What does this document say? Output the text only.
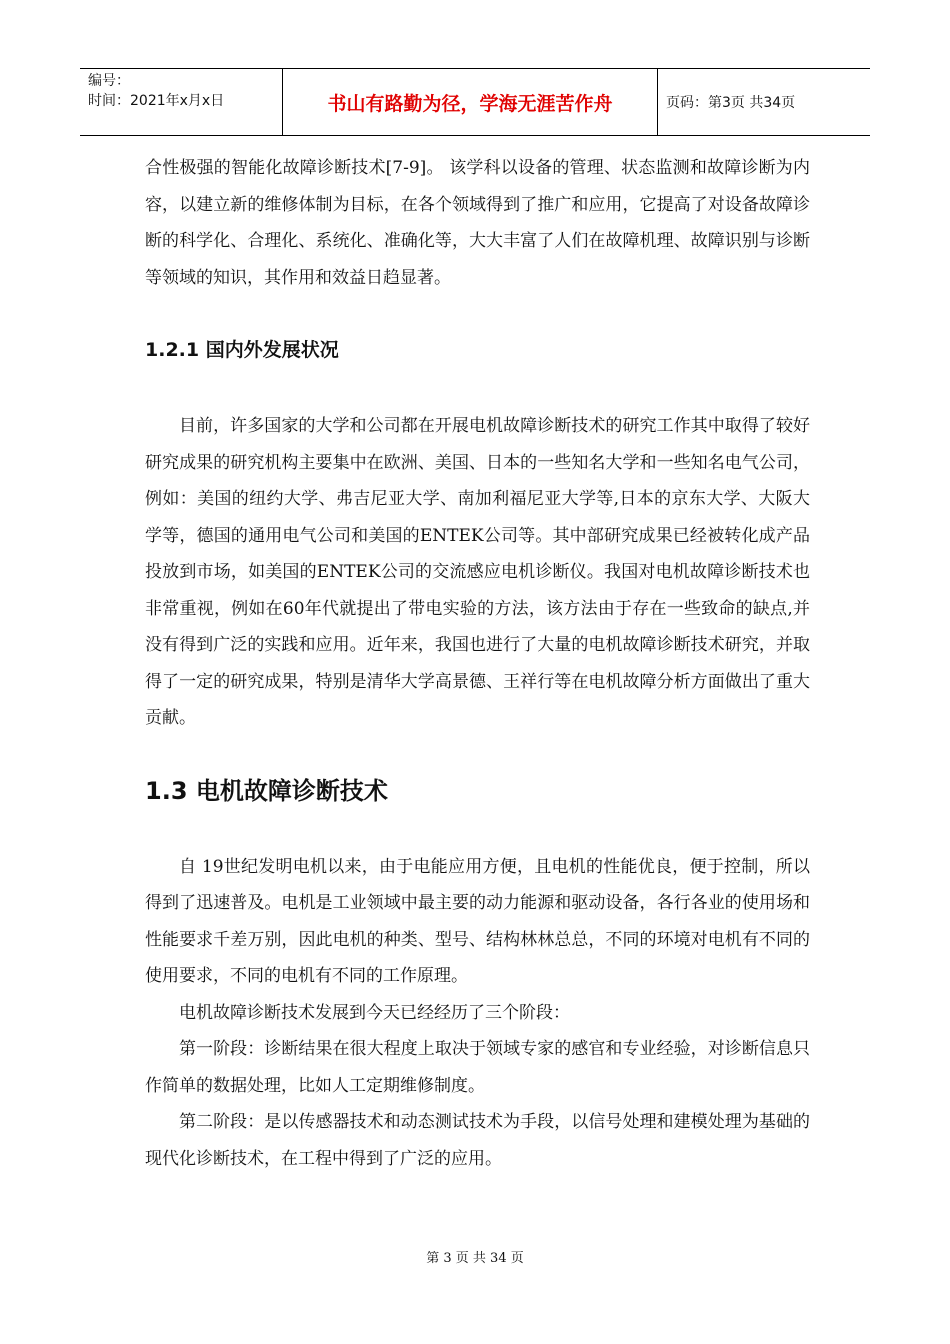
编号：
时间：2021年x月x日	书山有路勤为径，学海无涯苦作舟	页码：第3页 共34页

合性极强的智能化故障诊断技术[7-9]。 该学科以设备的管理、状态监测和故障诊断为内容，以建立新的维修体制为目标，在各个领域得到了推广和应用，它提高了对设备故障诊断的科学化、合理化、系统化、准确化等，大大丰富了人们在故障机理、故障识别与诊断等领域的知识，其作用和效益日趋显著。

1.2.1 国内外发展状况

目前，许多国家的大学和公司都在开展电机故障诊断技术的研究工作其中取得了较好研究成果的研究机构主要集中在欧洲、美国、日本的一些知名大学和一些知名电气公司，例如：美国的纽约大学、弗吉尼亚大学、南加利福尼亚大学等,日本的京东大学、大阪大学等，德国的通用电气公司和美国的ENTEK公司等。其中部研究成果已经被转化成产品投放到市场，如美国的ENTEK公司的交流感应电机诊断仪。我国对电机故障诊断技术也非常重视，例如在60年代就提出了带电实验的方法，该方法由于存在一些致命的缺点,并没有得到广泛的实践和应用。近年来，我国也进行了大量的电机故障诊断技术研究，并取得了一定的研究成果，特别是清华大学高景德、王祥行等在电机故障分析方面做出了重大贡献。

1.3 电机故障诊断技术

自 19世纪发明电机以来，由于电能应用方便，且电机的性能优良，便于控制，所以得到了迅速普及。电机是工业领域中最主要的动力能源和驱动设备，各行各业的使用场和性能要求千差万别，因此电机的种类、型号、结构林林总总，不同的环境对电机有不同的使用要求，不同的电机有不同的工作原理。

电机故障诊断技术发展到今天已经经历了三个阶段：

第一阶段：诊断结果在很大程度上取决于领域专家的感官和专业经验，对诊断信息只作简单的数据处理，比如人工定期维修制度。

第二阶段：是以传感器技术和动态测试技术为手段，以信号处理和建模处理为基础的现代化诊断技术，在工程中得到了广泛的应用。

第 3 页 共 34 页
